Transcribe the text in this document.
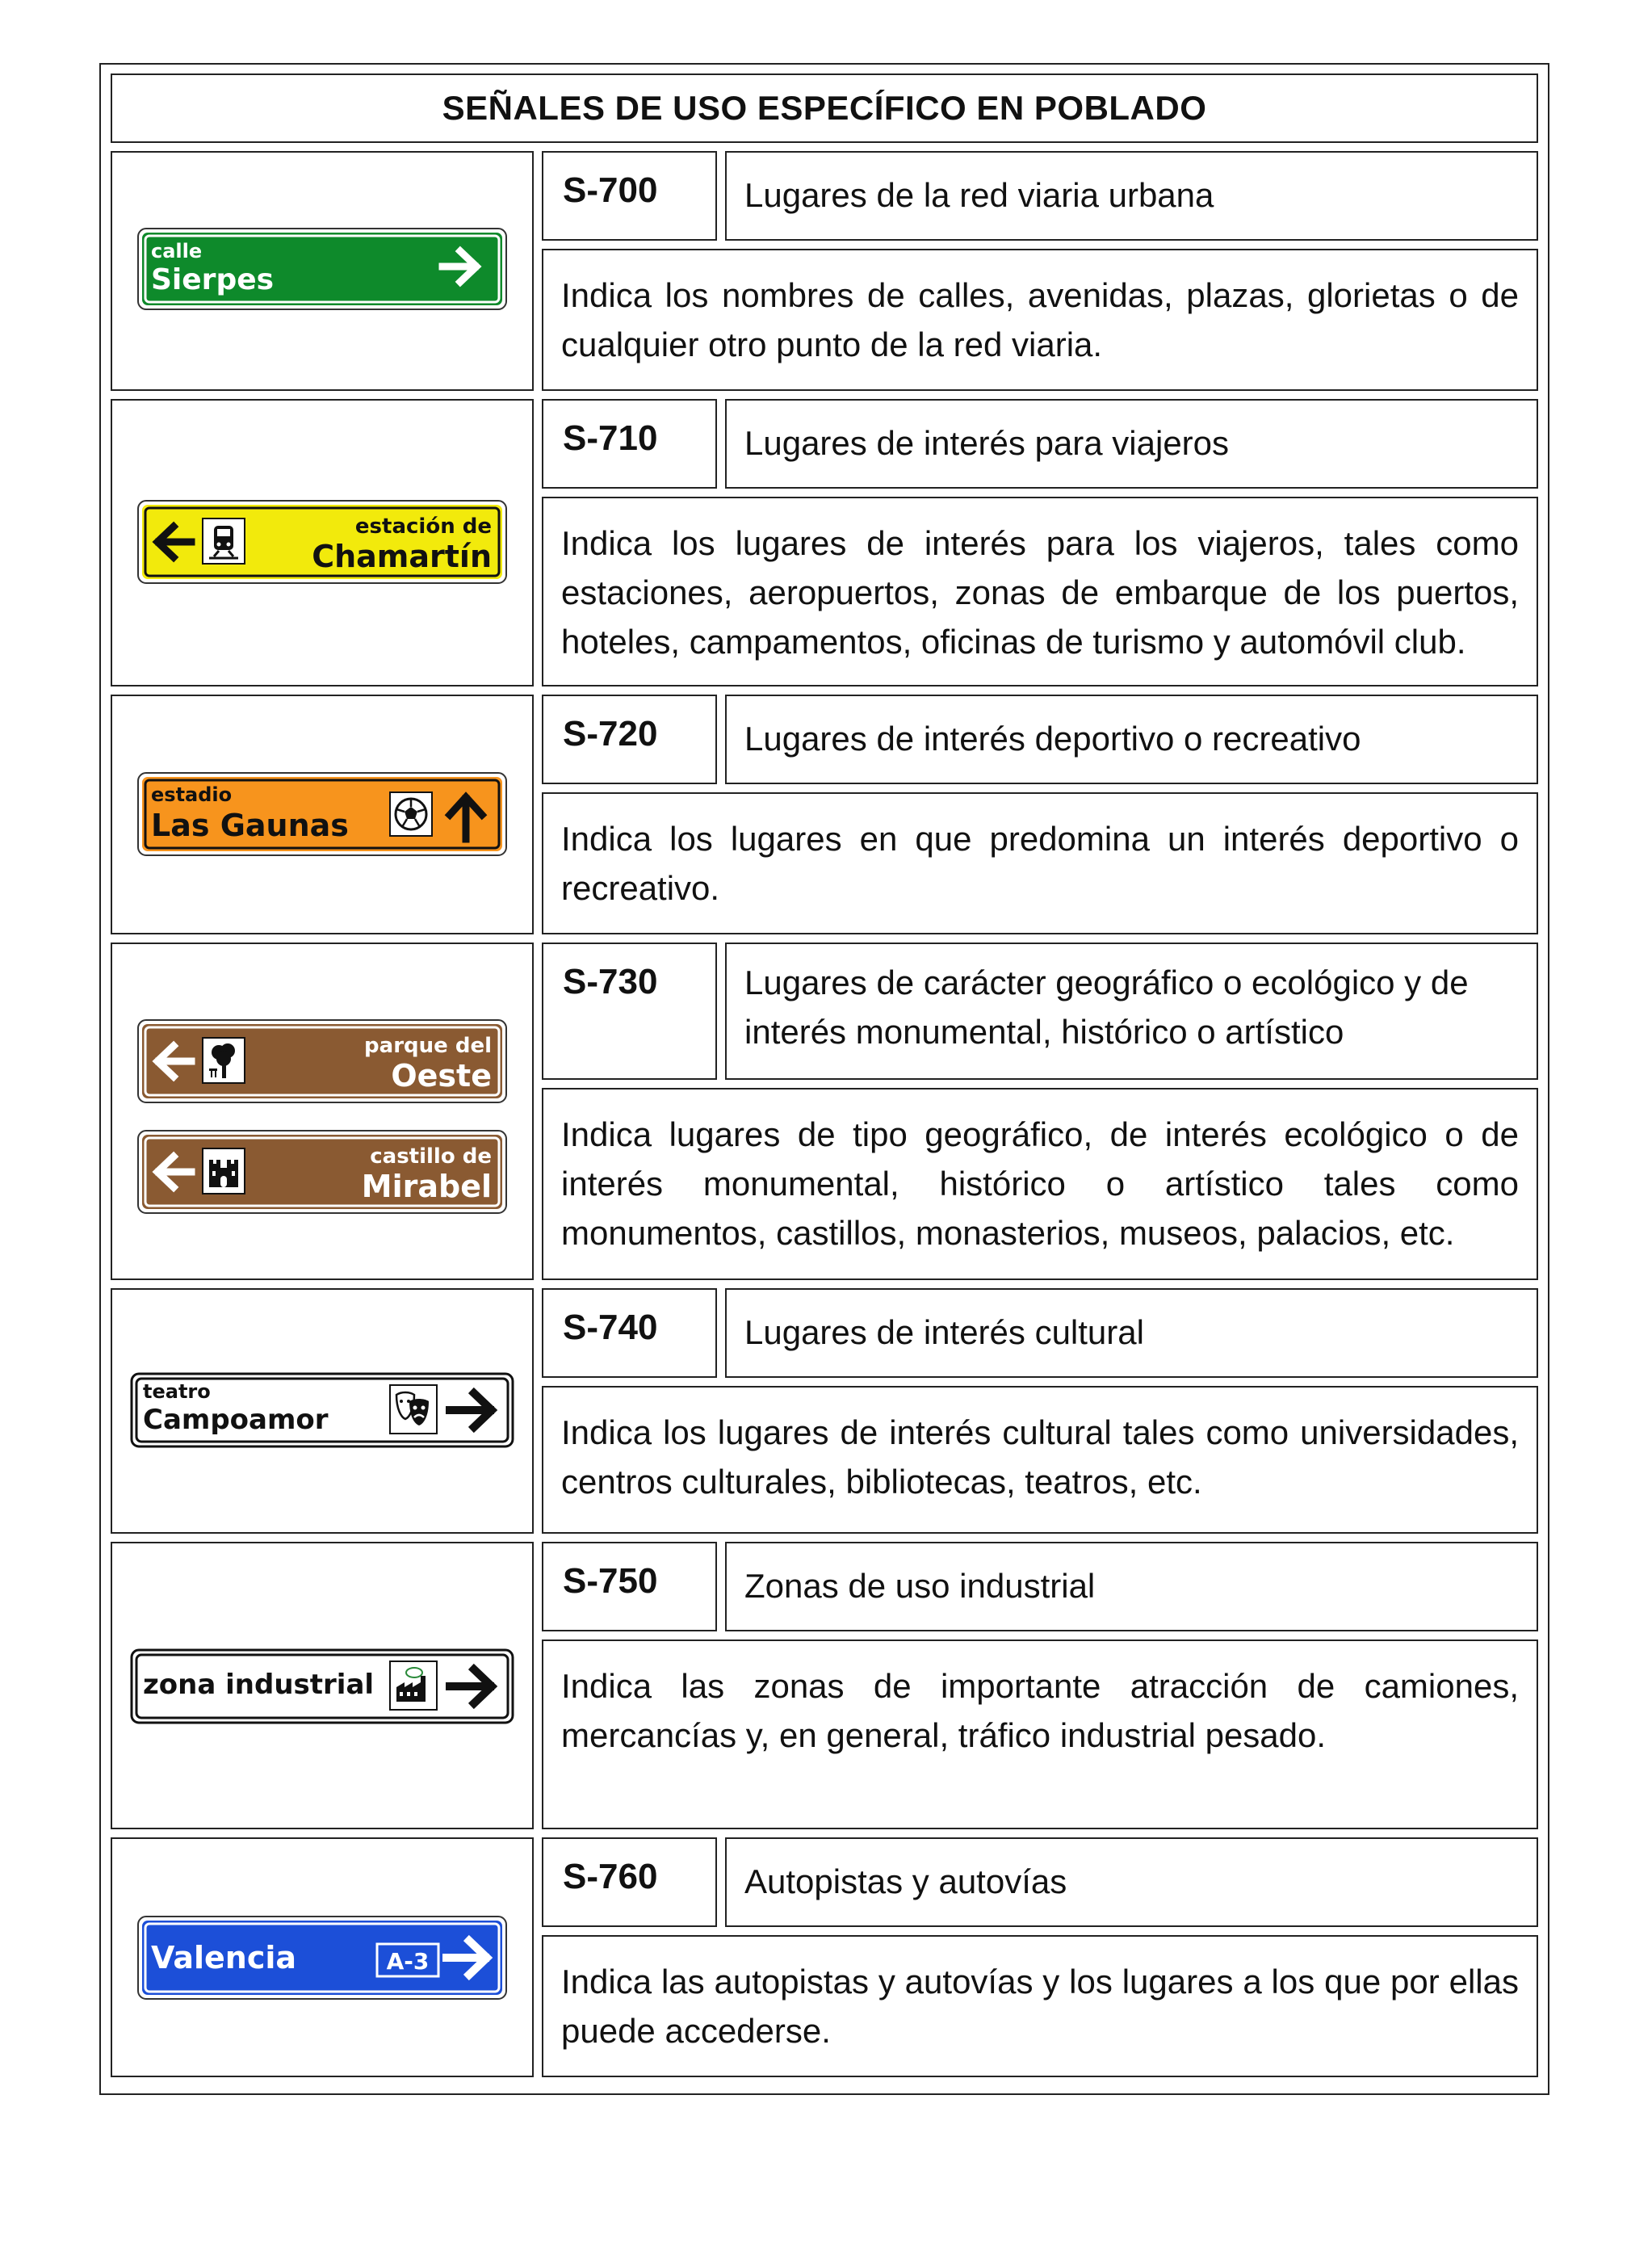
SEÑALES DE USO ESPECÍFICO EN POBLADO
calle
Sierpes
S-700	Lugares de la red viaria urbana
Indica los nombres de calles, avenidas, plazas, glorietas o de cualquier otro punto de la red viaria.
estación de
Chamartín
S-710	Lugares de interés para viajeros
Indica los lugares de interés para los viajeros, tales como estaciones, aeropuertos, zonas de embarque de los puertos, hoteles, campamentos, oficinas de turismo y automóvil club.
estadio
Las Gaunas
S-720	Lugares de interés deportivo o recreativo
Indica los lugares en que predomina un interés deportivo o recreativo.
parque del
Oeste
castillo de
Mirabel
S-730	Lugares de carácter geográfico o ecológico y de interés monumental, histórico o artístico
Indica lugares de tipo geográfico, de interés ecológico o de interés monumental, histórico o artístico tales como monumentos, castillos, monasterios, museos, palacios, etc.
teatro
Campoamor
S-740	Lugares de interés cultural
Indica los lugares de interés cultural tales como universidades, centros culturales, bibliotecas, teatros, etc.
zona industrial
S-750	Zonas de uso industrial
Indica las zonas de importante atracción de camiones, mercancías y, en general, tráfico industrial pesado.
Valencia	A-3
S-760	Autopistas y autovías
Indica las autopistas y autovías y los lugares a los que por ellas puede accederse.
